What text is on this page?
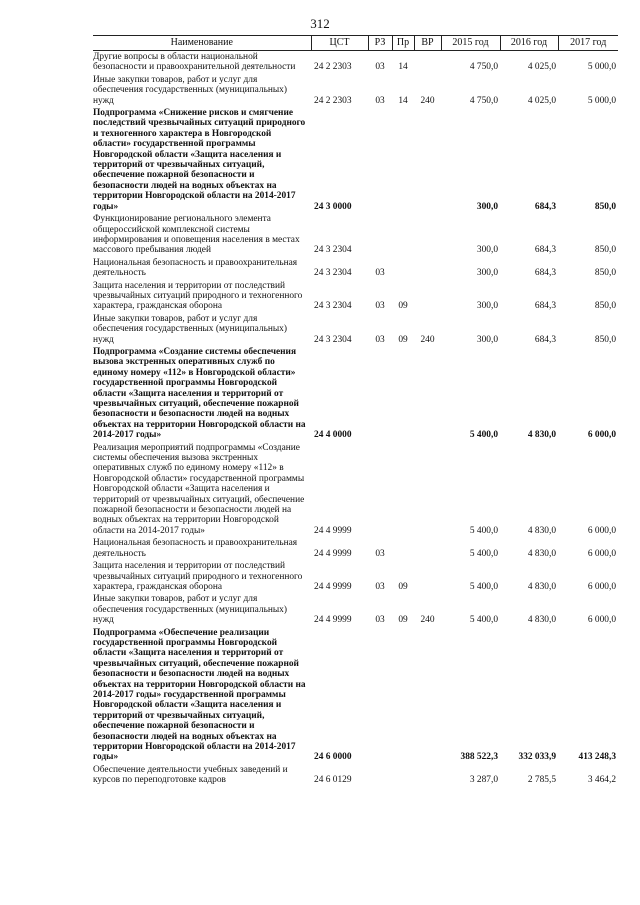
312
Наименование	ЦСТ	РЗ	Пр	ВР	2015 год	2016 год	2017 год
Другие вопросы в области национальной безопасности и правоохранительной деятельности	24 2 2303	03	14		4 750,0	4 025,0	5 000,0
Иные закупки товаров, работ и услуг для обеспечения государственных (муниципальных) нужд	24 2 2303	03	14	240	4 750,0	4 025,0	5 000,0
Подпрограмма «Снижение рисков и смягчение последствий чрезвычайных ситуаций природного и техногенного характера в Новгородской области» государственной программы Новгородской области «Защита населения и территорий от чрезвычайных ситуаций, обеспечение пожарной безопасности и безопасности людей на водных объектах на территории Новгородской области на 2014-2017 годы»	24 3 0000				300,0	684,3	850,0
Функционирование регионального элемента общероссийской комплексной системы информирования и оповещения населения в местах массового пребывания людей	24 3 2304				300,0	684,3	850,0
Национальная безопасность и правоохранительная деятельность	24 3 2304	03			300,0	684,3	850,0
Защита населения и территории от последствий чрезвычайных ситуаций природного и техногенного характера, гражданская оборона	24 3 2304	03	09		300,0	684,3	850,0
Иные закупки товаров, работ и услуг для обеспечения государственных (муниципальных) нужд	24 3 2304	03	09	240	300,0	684,3	850,0
Подпрограмма «Создание системы обеспечения вызова экстренных оперативных служб по единому номеру «112» в Новгородской области» государственной программы Новгородской области «Защита населения и территорий от чрезвычайных ситуаций, обеспечение пожарной безопасности и безопасности людей на водных объектах на территории Новгородской области на 2014-2017 годы»	24 4 0000				5 400,0	4 830,0	6 000,0
Реализация мероприятий подпрограммы «Создание системы обеспечения вызова экстренных оперативных служб по единому номеру «112» в Новгородской области» государственной программы Новгородской области «Защита населения и территорий от чрезвычайных ситуаций, обеспечение пожарной безопасности и безопасности людей на водных объектах на территории Новгородской области на 2014-2017 годы»	24 4 9999				5 400,0	4 830,0	6 000,0
Национальная безопасность и правоохранительная деятельность	24 4 9999	03			5 400,0	4 830,0	6 000,0
Защита населения и территории от последствий чрезвычайных ситуаций природного и техногенного характера, гражданская оборона	24 4 9999	03	09		5 400,0	4 830,0	6 000,0
Иные закупки товаров, работ и услуг для обеспечения государственных (муниципальных) нужд	24 4 9999	03	09	240	5 400,0	4 830,0	6 000,0
Подпрограмма «Обеспечение реализации государственной программы Новгородской области «Защита населения и территорий от чрезвычайных ситуаций, обеспечение пожарной безопасности и безопасности людей на водных объектах на территории Новгородской области на 2014-2017 годы» государственной программы Новгородской области «Защита населения и территорий от чрезвычайных ситуаций, обеспечение пожарной безопасности и безопасности людей на водных объектах на территории Новгородской области на 2014-2017 годы»	24 6 0000				388 522,3	332 033,9	413 248,3
Обеспечение деятельности учебных заведений и курсов по переподготовке кадров	24 6 0129				3 287,0	2 785,5	3 464,2
